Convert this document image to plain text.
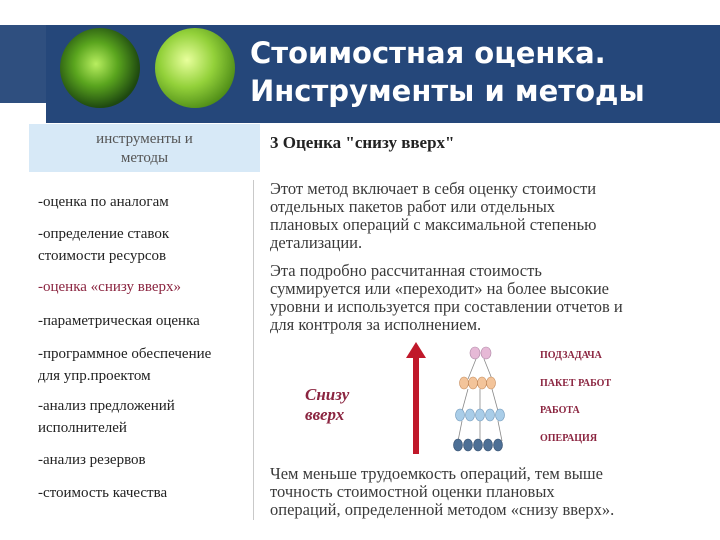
Стоимостная оценка.
Инструменты и методы
инструменты и
методы
-оценка по аналогам
-определение ставок
стоимости ресурсов
-оценка «снизу вверх»
-параметрическая оценка
-программное обеспечение
для упр.проектом
-анализ предложений
исполнителей
-анализ резервов
-стоимость качества
3 Оценка "снизу вверх"
Этот метод включает в себя оценку стоимости
отдельных пакетов работ или отдельных
плановых операций с максимальной степенью
детализации.
Эта подробно рассчитанная стоимость
суммируется или «переходит» на более высокие
уровни и используется при составлении отчетов и
для контроля за исполнением.
Снизу
вверх
ПОДЗАДАЧА
ПАКЕТ РАБОТ
РАБОТА
ОПЕРАЦИЯ
Чем меньше трудоемкость операций, тем выше
точность стоимостной оценки плановых
операций, определенной методом «снизу вверх».
